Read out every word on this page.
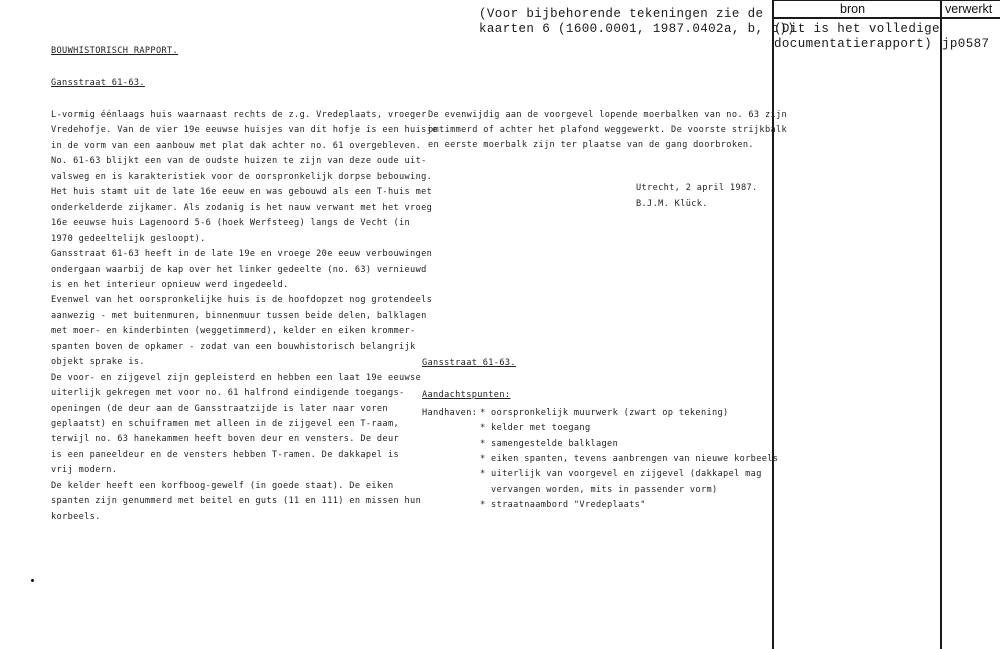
bron	verwerkt
(Voor bijbehorende tekeningen zie de
kaarten 6 (1600.0001, 1987.0402a, b, c))
(Dit is het volledige
documentatierapport) jp0587
BOUWHISTORISCH RAPPORT.
Gansstraat 61-63.
L-vormig éénlaags huis waarnaast rechts de z.g. Vredeplaats, vroeger
Vredehofje. Van de vier 19e eeuwse huisjes van dit hofje is een huisje
in de vorm van een aanbouw met plat dak achter no. 61 overgebleven.
No. 61-63 blijkt een van de oudste huizen te zijn van deze oude uit-
valsweg en is karakteristiek voor de oorspronkelijk dorpse bebouwing.
Het huis stamt uit de late 16e eeuw en was gebouwd als een T-huis met
onderkelderde zijkamer. Als zodanig is het nauw verwant met het vroeg
16e eeuwse huis Lagenoord 5-6 (hoek Werfsteeg) langs de Vecht (in
1970 gedeeltelijk gesloopt).
Gansstraat 61-63 heeft in de late 19e en vroege 20e eeuw verbouwingen
ondergaan waarbij de kap over het linker gedeelte (no. 63) vernieuwd
is en het interieur opnieuw werd ingedeeld.
Evenwel van het oorspronkelijke huis is de hoofdopzet nog grotendeels
aanwezig - met buitenmuren, binnenmuur tussen beide delen, balklagen
met moer- en kinderbinten (weggetimmerd), kelder en eiken krommer-
spanten boven de opkamer - zodat van een bouwhistorisch belangrijk
objekt sprake is.
De voor- en zijgevel zijn gepleisterd en hebben een laat 19e eeuwse
uiterlijk gekregen met voor no. 61 halfrond eindigende toegangs-
openingen (de deur aan de Gansstraatzijde is later naar voren
geplaatst) en schuiframen met alleen in de zijgevel een T-raam,
terwijl no. 63 hanekammen heeft boven deur en vensters. De deur
is een paneeldeur en de vensters hebben T-ramen. De dakkapel is
vrij modern.
De kelder heeft een korfboog-gewelf (in goede staat). De eiken
spanten zijn genummerd met beitel en guts (11 en 111) en missen hun
korbeels.
De evenwijdig aan de voorgevel lopende moerbalken van no. 63 zijn
omtimmerd of achter het plafond weggewerkt. De voorste strijkbalk
en eerste moerbalk zijn ter plaatse van de gang doorbroken.
Utrecht, 2 april 1987.
B.J.M. Klück.
Gansstraat 61-63.
Aandachtspunten:
Handhaven: * oorspronkelijk muurwerk (zwart op tekening)
* kelder met toegang
* samengestelde balklagen
* eiken spanten, tevens aanbrengen van nieuwe korbeels
* uiterlijk van voorgevel en zijgevel (dakkapel mag
vervangen worden, mits in passender vorm)
* straatnaambord "Vredeplaats"
